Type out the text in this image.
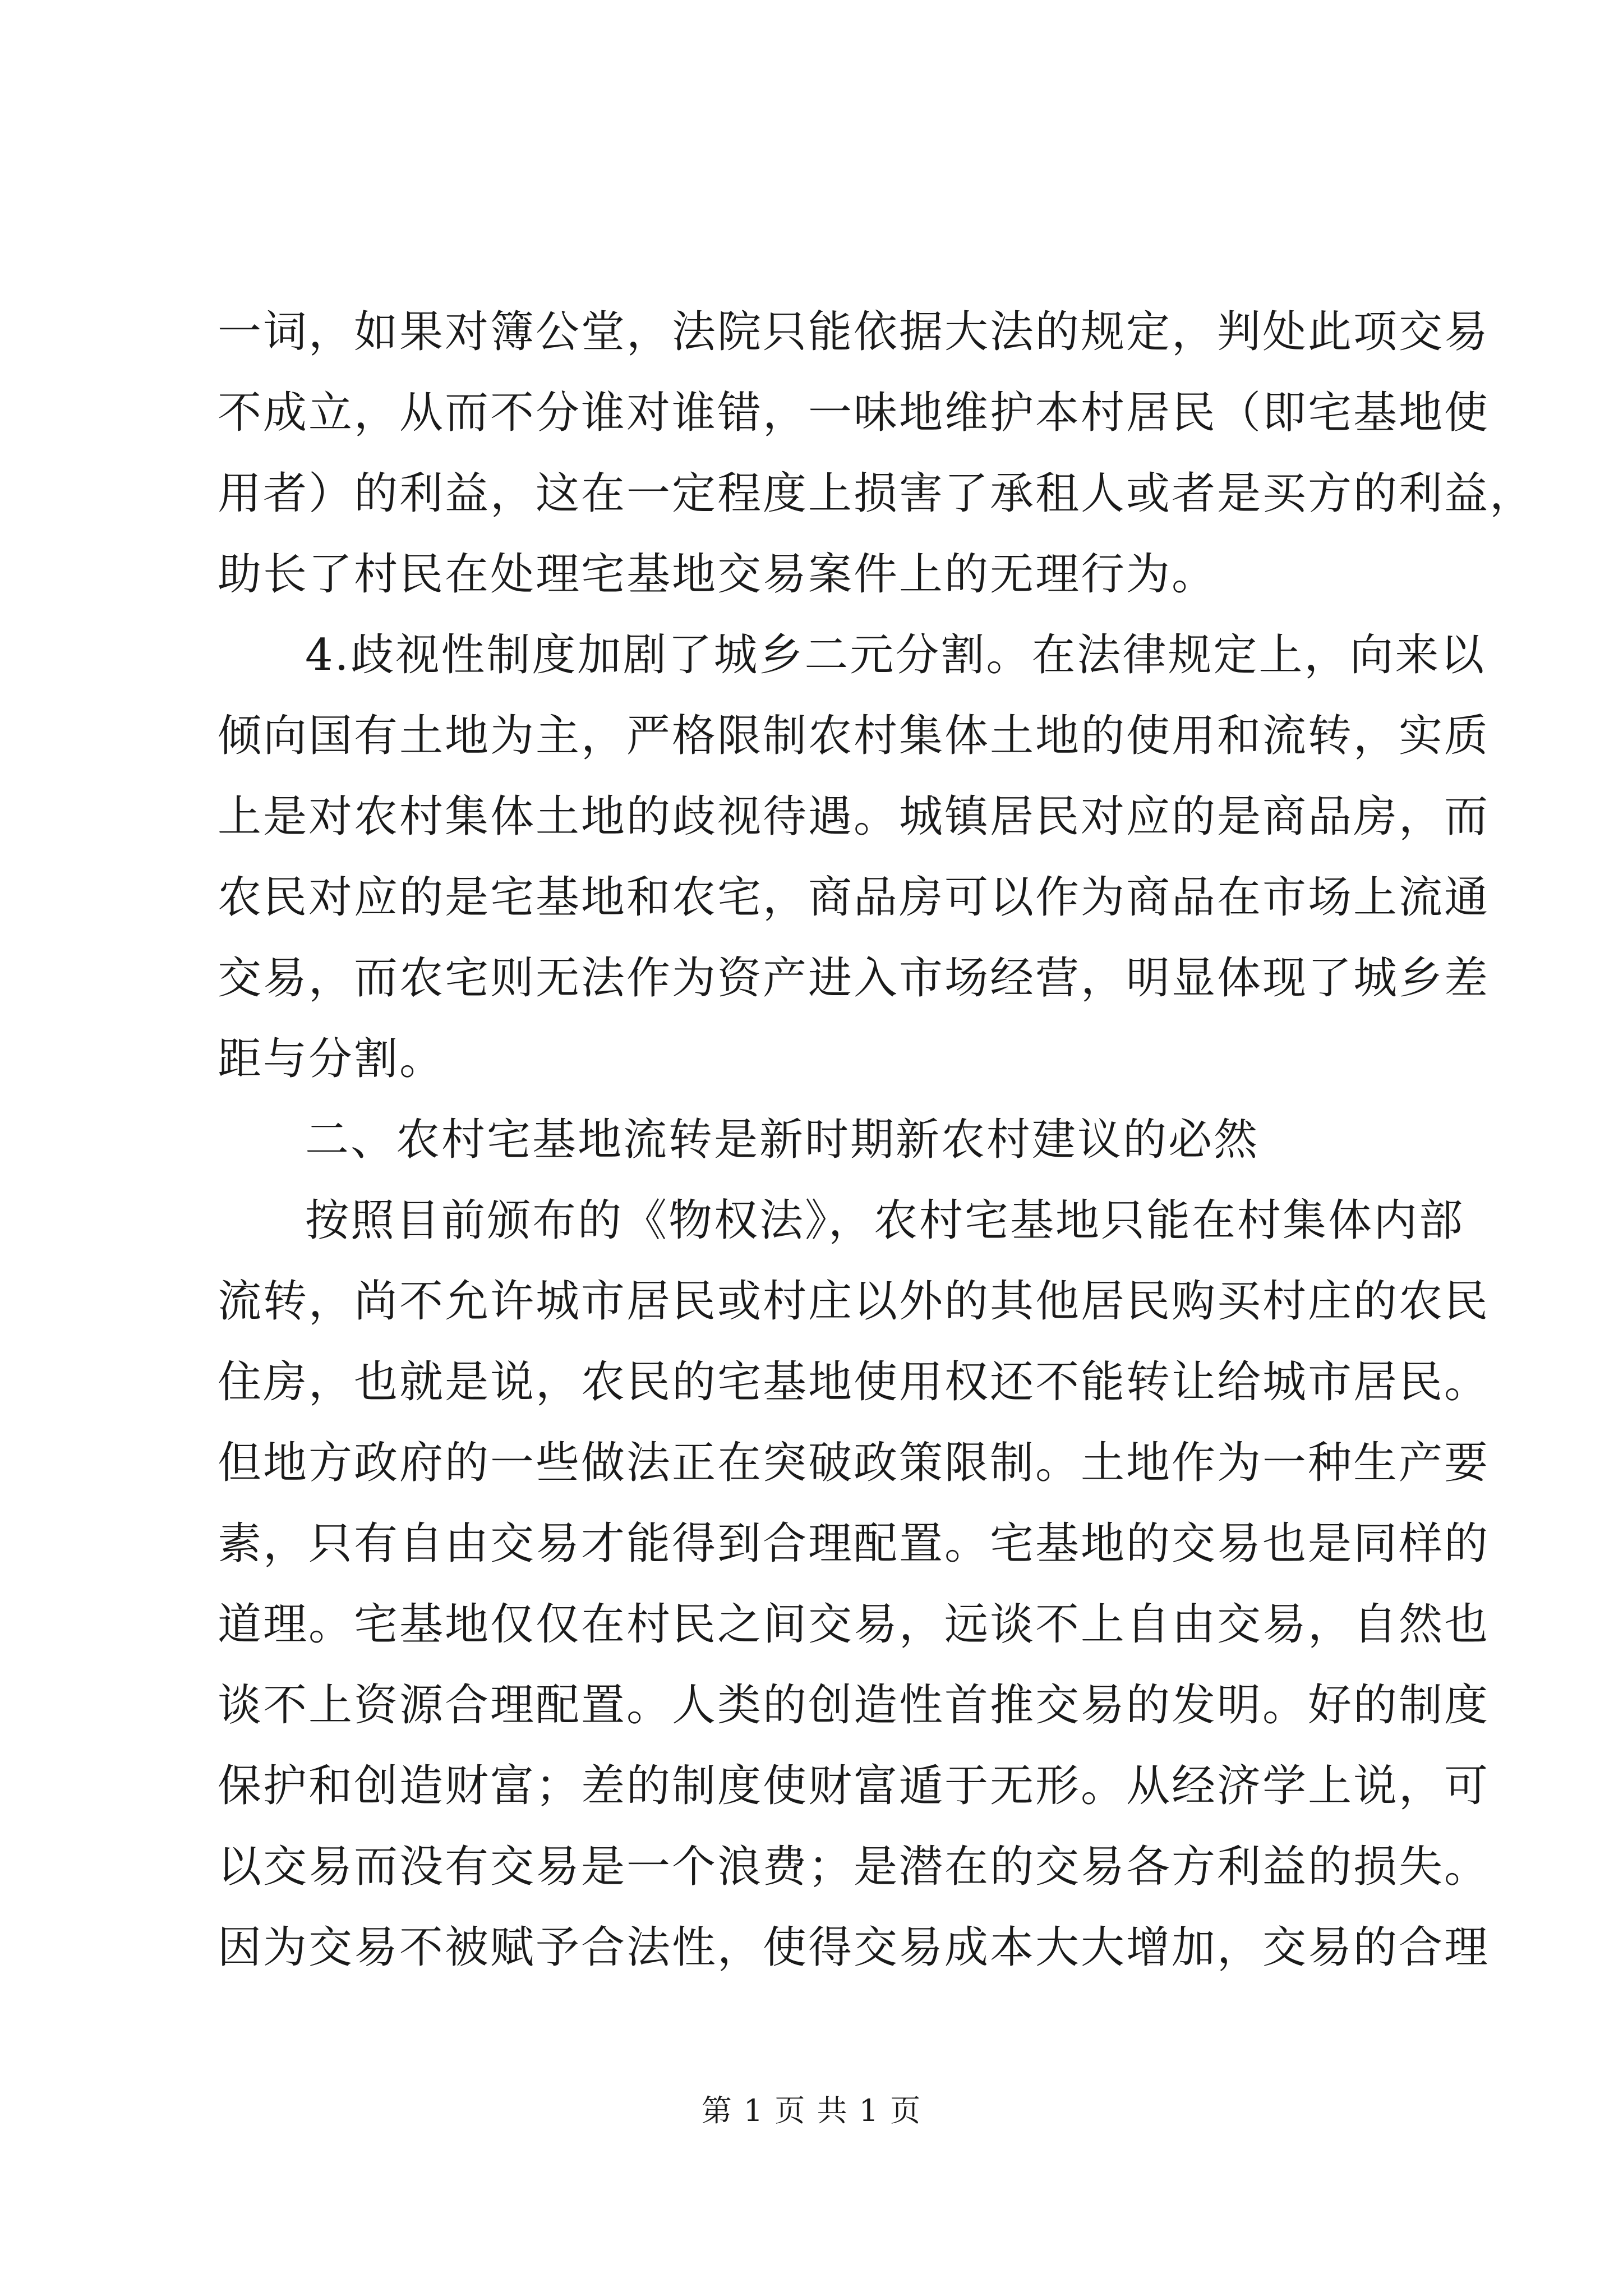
一词，如果对簿公堂，法院只能依据大法的规定，判处此项交易
不成立，从而不分谁对谁错，一味地维护本村居民（即宅基地使
用者）的利益，这在一定程度上损害了承租人或者是买方的利益，
助长了村民在处理宅基地交易案件上的无理行为。
4.歧视性制度加剧了城乡二元分割。在法律规定上，向来以
倾向国有土地为主，严格限制农村集体土地的使用和流转，实质
上是对农村集体土地的歧视待遇。城镇居民对应的是商品房，而
农民对应的是宅基地和农宅，商品房可以作为商品在市场上流通
交易，而农宅则无法作为资产进入市场经营，明显体现了城乡差
距与分割。
二、农村宅基地流转是新时期新农村建议的必然
按照目前颁布的《物权法》，农村宅基地只能在村集体内部
流转，尚不允许城市居民或村庄以外的其他居民购买村庄的农民
住房，也就是说，农民的宅基地使用权还不能转让给城市居民。
但地方政府的一些做法正在突破政策限制。土地作为一种生产要
素，只有自由交易才能得到合理配置。宅基地的交易也是同样的
道理。宅基地仅仅在村民之间交易，远谈不上自由交易，自然也
谈不上资源合理配置。人类的创造性首推交易的发明。好的制度
保护和创造财富；差的制度使财富遁于无形。从经济学上说，可
以交易而没有交易是一个浪费；是潜在的交易各方利益的损失。
因为交易不被赋予合法性，使得交易成本大大增加，交易的合理
第 1 页 共 1 页
